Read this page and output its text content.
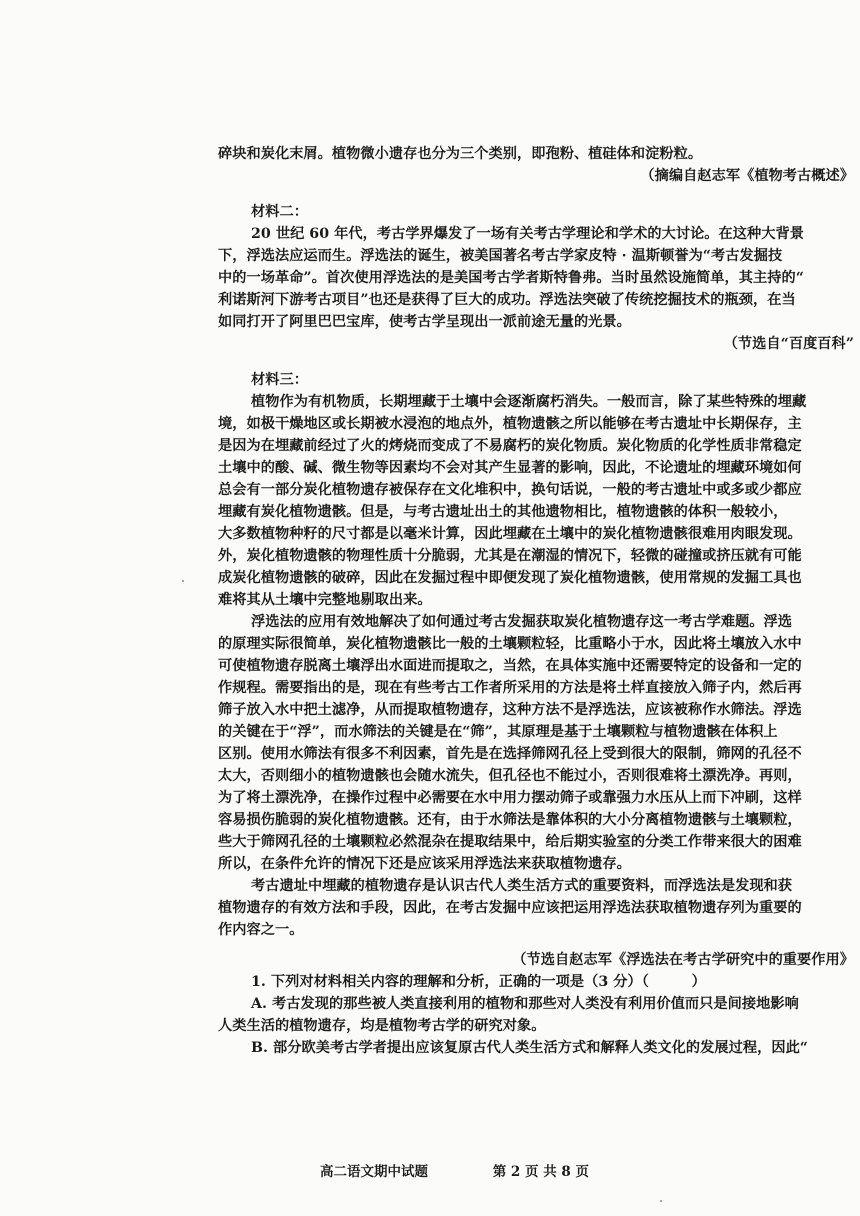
碎块和炭化末屑。植物微小遗存也分为三个类别，即孢粉、植硅体和淀粉粒。
（摘编自赵志军《植物考古概述》
材料二：
20 世纪 60 年代，考古学界爆发了一场有关考古学理论和学术的大讨论。在这种大背景
下，浮选法应运而生。浮选法的诞生，被美国著名考古学家皮特 · 温斯顿誉为“考古发掘技
中的一场革命”。首次使用浮选法的是美国考古学者斯特鲁弗。当时虽然设施简单，其主持的“
利诺斯河下游考古项目”也还是获得了巨大的成功。浮选法突破了传统挖掘技术的瓶颈，在当
如同打开了阿里巴巴宝库，使考古学呈现出一派前途无量的光景。
（节选自“百度百科”
材料三：
植物作为有机物质，长期埋藏于土壤中会逐渐腐朽消失。一般而言，除了某些特殊的埋藏
境，如极干燥地区或长期被水浸泡的地点外，植物遗骸之所以能够在考古遗址中长期保存，主
是因为在埋藏前经过了火的烤烧而变成了不易腐朽的炭化物质。炭化物质的化学性质非常稳定
土壤中的酸、碱、微生物等因素均不会对其产生显著的影响，因此，不论遗址的埋藏环境如何
总会有一部分炭化植物遗存被保存在文化堆积中，换句话说，一般的考古遗址中或多或少都应
埋藏有炭化植物遗骸。但是，与考古遗址出土的其他遗物相比，植物遗骸的体积一般较小，
大多数植物种籽的尺寸都是以毫米计算，因此埋藏在土壤中的炭化植物遗骸很难用肉眼发现。
外，炭化植物遗骸的物理性质十分脆弱，尤其是在潮湿的情况下，轻微的碰撞或挤压就有可能
成炭化植物遗骸的破碎，因此在发掘过程中即便发现了炭化植物遗骸，使用常规的发掘工具也
难将其从土壤中完整地剔取出来。
浮选法的应用有效地解决了如何通过考古发掘获取炭化植物遗存这一考古学难题。浮选
的原理实际很简单，炭化植物遗骸比一般的土壤颗粒轻，比重略小于水，因此将土壤放入水中
可使植物遗存脱离土壤浮出水面进而提取之，当然，在具体实施中还需要特定的设备和一定的
作规程。需要指出的是，现在有些考古工作者所采用的方法是将土样直接放入筛子内，然后再
筛子放入水中把土滤净，从而提取植物遗存，这种方法不是浮选法，应该被称作水筛法。浮选
的关键在于“浮”，而水筛法的关键是在“筛”，其原理是基于土壤颗粒与植物遗骸在体积上
区别。使用水筛法有很多不利因素，首先是在选择筛网孔径上受到很大的限制，筛网的孔径不
太大，否则细小的植物遗骸也会随水流失，但孔径也不能过小，否则很难将土漂洗净。再则，
为了将土漂洗净，在操作过程中必需要在水中用力摆动筛子或靠强力水压从上而下冲刷，这样
容易损伤脆弱的炭化植物遗骸。还有，由于水筛法是靠体积的大小分离植物遗骸与土壤颗粒，
些大于筛网孔径的土壤颗粒必然混杂在提取结果中，给后期实验室的分类工作带来很大的困难
所以，在条件允许的情况下还是应该采用浮选法来获取植物遗存。
考古遗址中埋藏的植物遗存是认识古代人类生活方式的重要资料，而浮选法是发现和获
植物遗存的有效方法和手段，因此，在考古发掘中应该把运用浮选法获取植物遗存列为重要的
作内容之一。
（节选自赵志军《浮选法在考古学研究中的重要作用》
1. 下列对材料相关内容的理解和分析，正确的一项是（3 分）（　　　）
A. 考古发现的那些被人类直接利用的植物和那些对人类没有利用价值而只是间接地影响
人类生活的植物遗存，均是植物考古学的研究对象。
B. 部分欧美考古学者提出应该复原古代人类生活方式和解释人类文化的发展过程，因此“
高二语文期中试题	第 2 页 共 8 页
